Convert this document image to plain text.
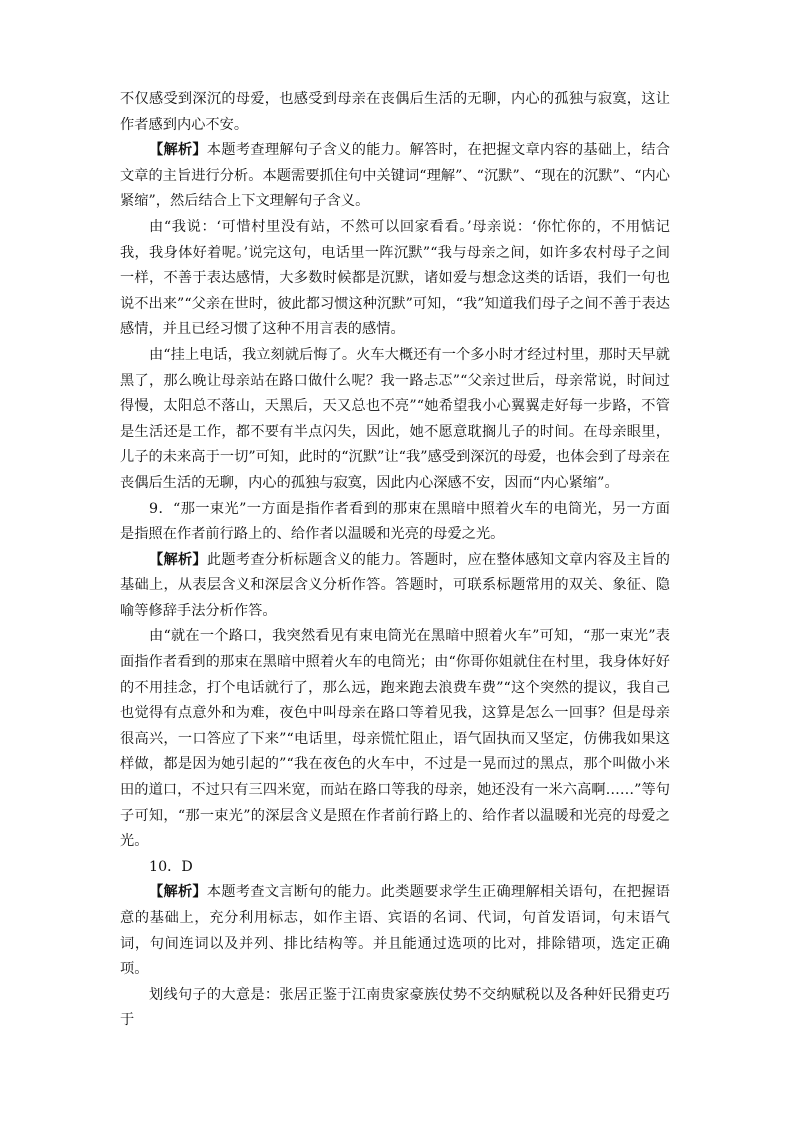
不仅感受到深沉的母爱，也感受到母亲在丧偶后生活的无聊，内心的孤独与寂寞，这让作者感到内心不安。

【解析】本题考查理解句子含义的能力。解答时，在把握文章内容的基础上，结合文章的主旨进行分析。本题需要抓住句中关键词“理解”、“沉默”、“现在的沉默”、“内心紧缩”，然后结合上下文理解句子含义。

由“我说：‘可惜村里没有站，不然可以回家看看。’母亲说：‘你忙你的，不用惦记我，我身体好着呢。’说完这句，电话里一阵沉默”“我与母亲之间，如许多农村母子之间一样，不善于表达感情，大多数时候都是沉默，诸如爱与想念这类的话语，我们一句也说不出来”“父亲在世时，彼此都习惯这种沉默”可知，“我”知道我们母子之间不善于表达感情，并且已经习惯了这种不用言表的感情。

由“挂上电话，我立刻就后悔了。火车大概还有一个多小时才经过村里，那时天早就黑了，那么晚让母亲站在路口做什么呢？我一路忐忑”“父亲过世后，母亲常说，时间过得慢，太阳总不落山，天黑后，天又总也不亮”“她希望我小心翼翼走好每一步路，不管是生活还是工作，都不要有半点闪失，因此，她不愿意耽搁儿子的时间。在母亲眼里，儿子的未来高于一切”可知，此时的“沉默”让“我”感受到深沉的母爱，也体会到了母亲在丧偶后生活的无聊，内心的孤独与寂寞，因此内心深感不安，因而“内心紧缩”。

9．“那一束光”一方面是指作者看到的那束在黑暗中照着火车的电筒光，另一方面是指照在作者前行路上的、给作者以温暖和光亮的母爱之光。

【解析】此题考查分析标题含义的能力。答题时，应在整体感知文章内容及主旨的基础上，从表层含义和深层含义分析作答。答题时，可联系标题常用的双关、象征、隐喻等修辞手法分析作答。

由“就在一个路口，我突然看见有束电筒光在黑暗中照着火车”可知，“那一束光”表面指作者看到的那束在黑暗中照着火车的电筒光；由“你哥你姐就住在村里，我身体好好的不用挂念，打个电话就行了，那么远，跑来跑去浪费车费”“这个突然的提议，我自己也觉得有点意外和为难，夜色中叫母亲在路口等着见我，这算是怎么一回事？但是母亲很高兴，一口答应了下来”“电话里，母亲慌忙阻止，语气固执而又坚定，仿佛我如果这样做，都是因为她引起的”“我在夜色的火车中，不过是一晃而过的黑点，那个叫做小米田的道口，不过只有三四米宽，而站在路口等我的母亲，她还没有一米六高啊……”等句子可知，“那一束光”的深层含义是照在作者前行路上的、给作者以温暖和光亮的母爱之光。

10．D

【解析】本题考查文言断句的能力。此类题要求学生正确理解相关语句，在把握语意的基础上，充分利用标志，如作主语、宾语的名词、代词，句首发语词，句末语气词，句间连词以及并列、排比结构等。并且能通过选项的比对，排除错项，选定正确项。

划线句子的大意是：张居正鉴于江南贵家豪族仗势不交纳赋税以及各种奸民猾吏巧于
